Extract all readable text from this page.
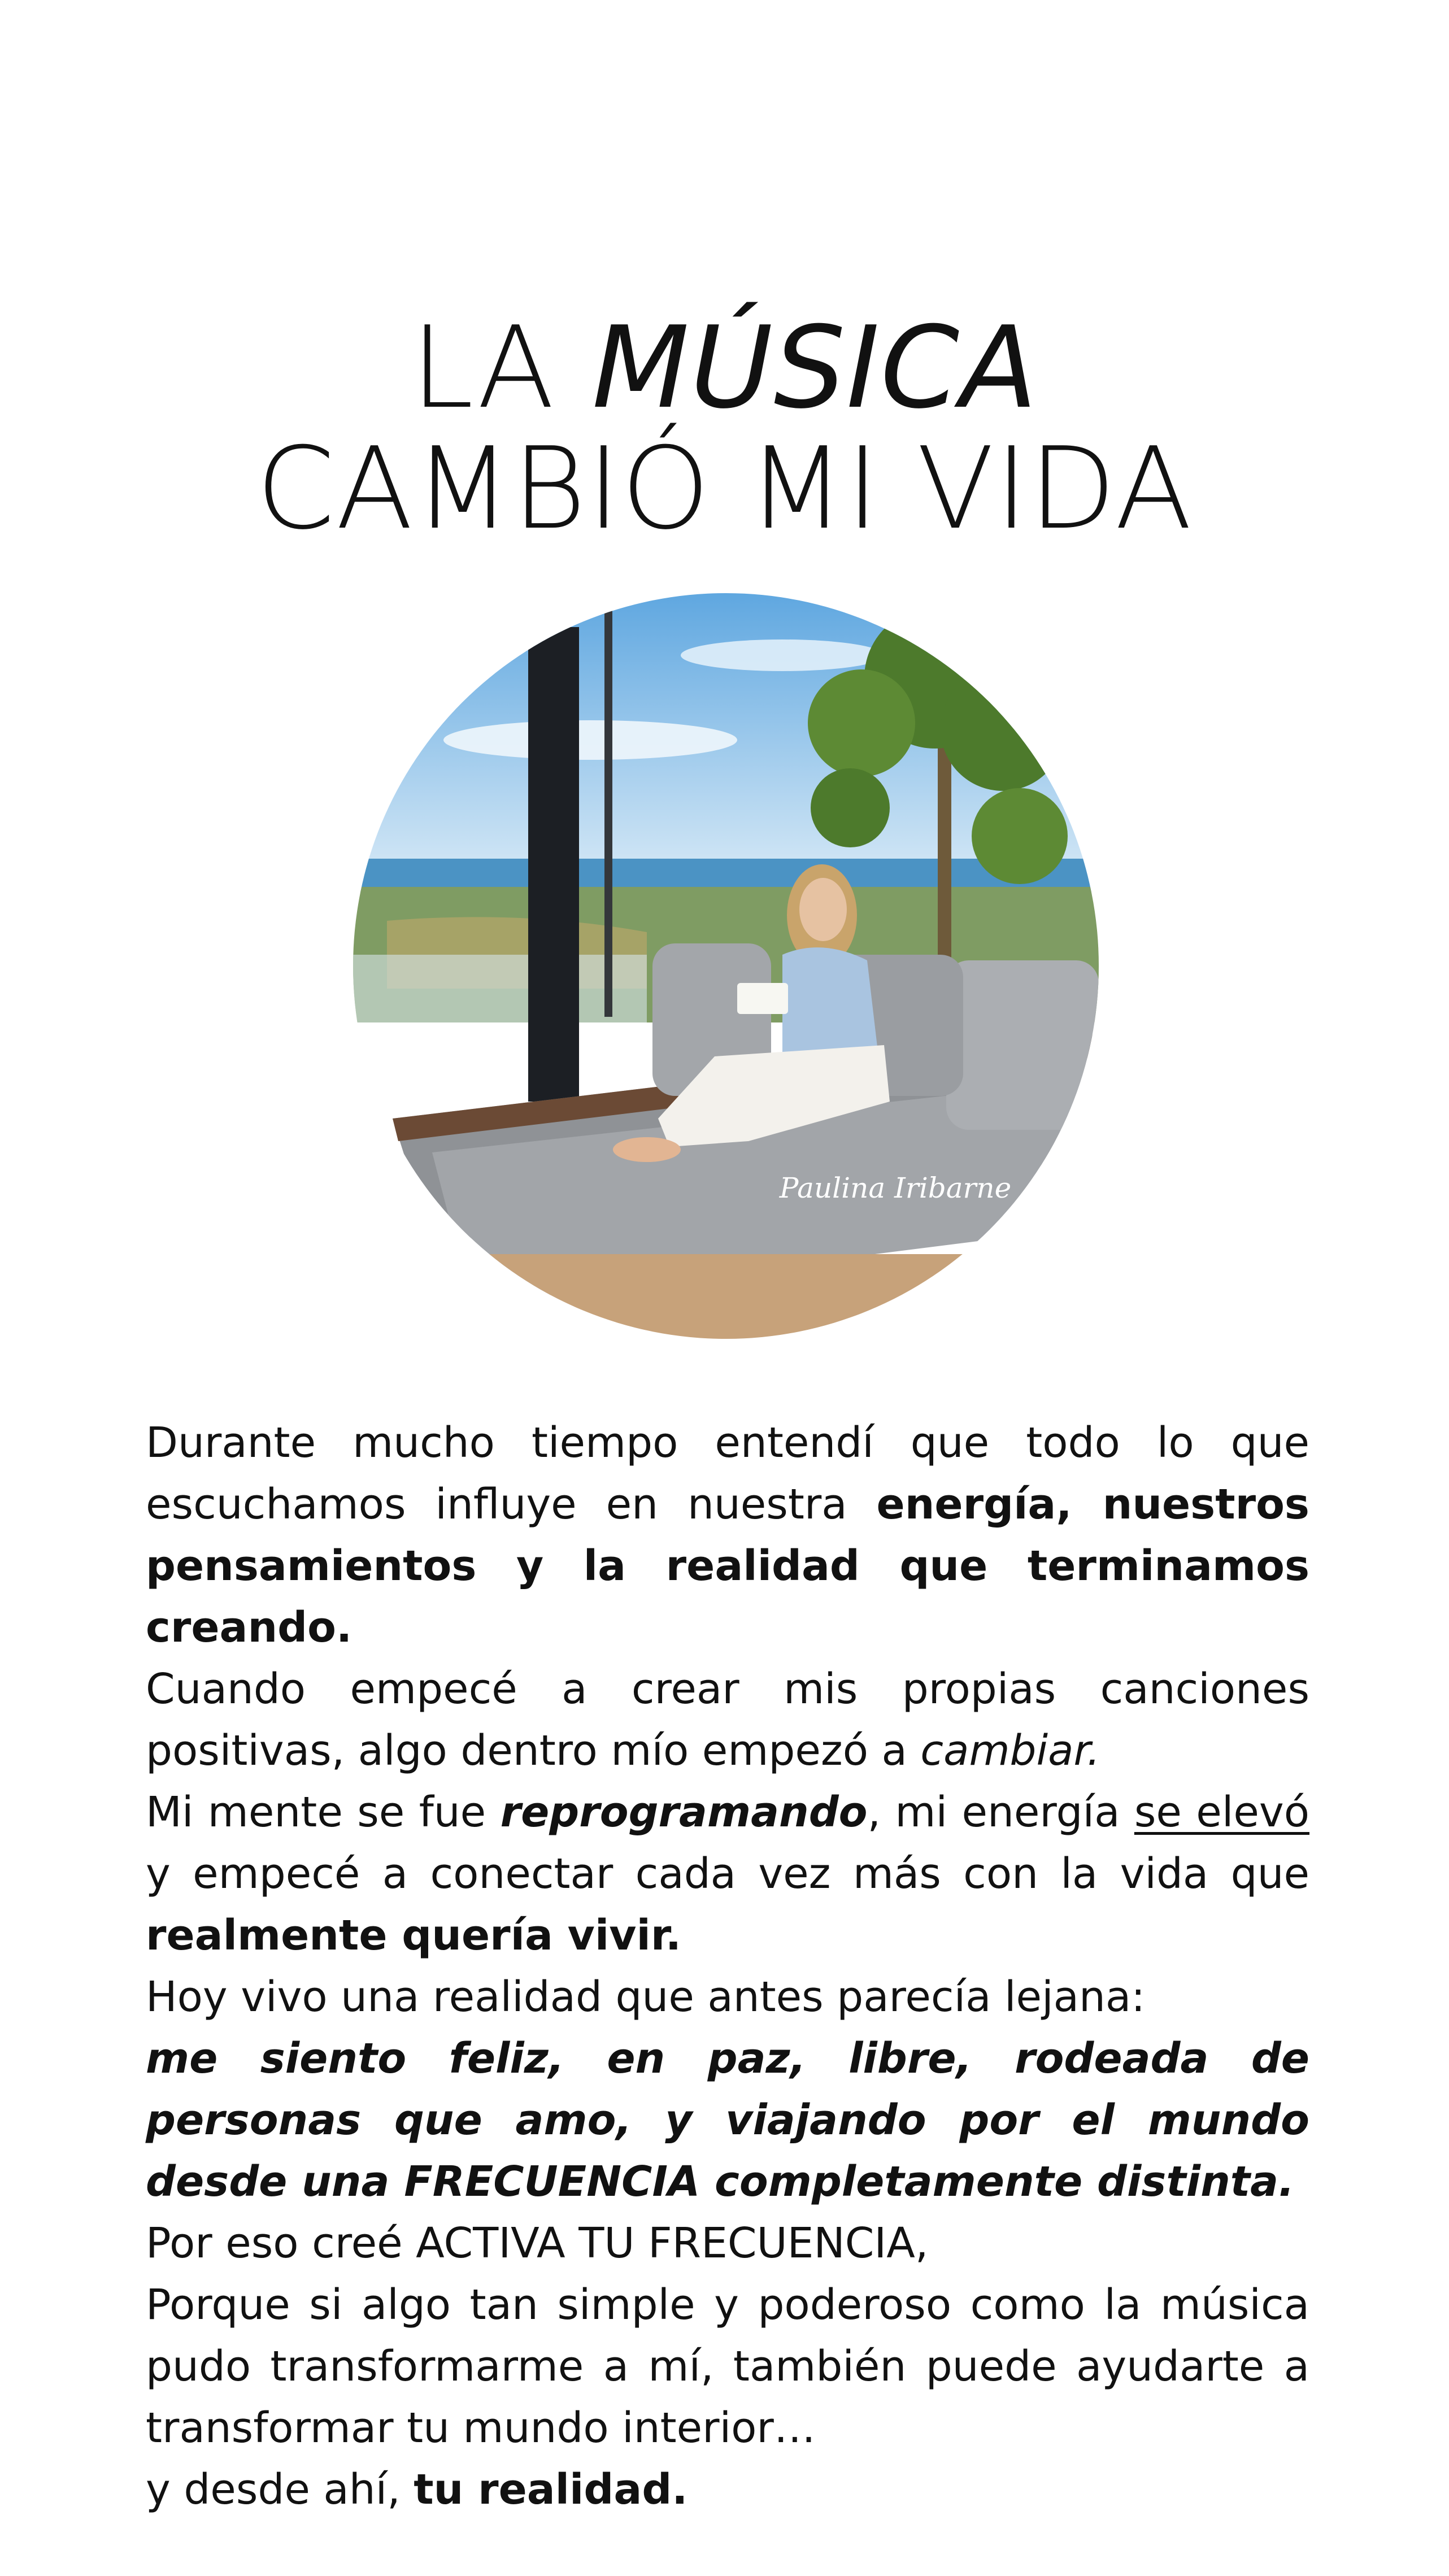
LA MÚSICA
CAMBIÓ MI VIDA
Paulina Iribarne

Durante mucho tiempo entendí que todo lo que escuchamos influye en nuestra energía, nuestros pensamientos y la realidad que terminamos creando.

Cuando empecé a crear mis propias canciones positivas, algo dentro mío empezó a cambiar.

Mi mente se fue reprogramando, mi energía se elevó y empecé a conectar cada vez más con la vida que realmente quería vivir.

Hoy vivo una realidad que antes parecía lejana:

me siento feliz, en paz, libre, rodeada de personas que amo, y viajando por el mundo desde una FRECUENCIA completamente distinta.

Por eso creé ACTIVA TU FRECUENCIA,

Porque si algo tan simple y poderoso como la música pudo transformarme a mí, también puede ayudarte a transformar tu mundo interior…

y desde ahí, tu realidad.
